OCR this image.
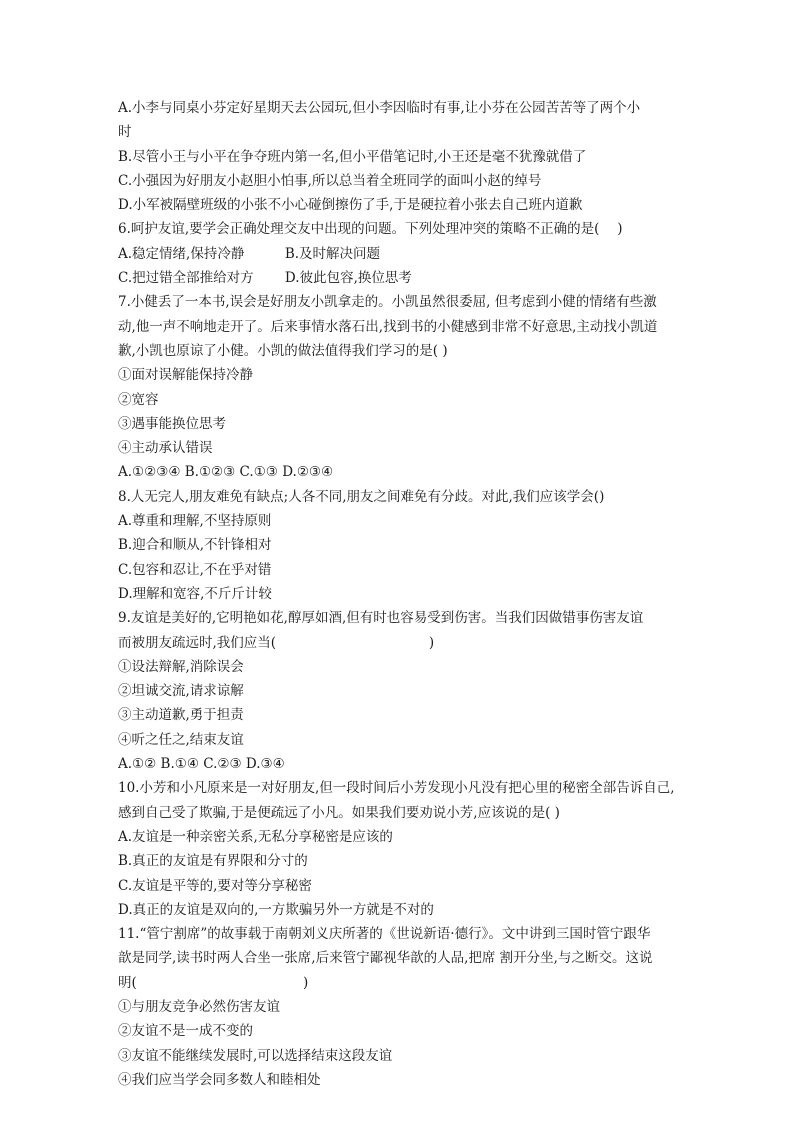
A.小李与同桌小芬定好星期天去公园玩,但小李因临时有事,让小芬在公园苦苦等了两个小
时
B.尽管小王与小平在争夺班内第一名,但小平借笔记时,小王还是毫不犹豫就借了
C.小强因为好朋友小赵胆小怕事,所以总当着全班同学的面叫小赵的绰号
D.小军被隔壁班级的小张不小心碰倒擦伤了手,于是硬拉着小张去自己班内道歉
6.呵护友谊,要学会正确处理交友中出现的问题。下列处理冲突的策略不正确的是(　 )
A.稳定情绪,保持冷静　　　B.及时解决问题
C.把过错全部推给对方　　 D.彼此包容,换位思考
7.小健丢了一本书,误会是好朋友小凯拿走的。小凯虽然很委屈, 但考虑到小健的情绪有些激
动,他一声不响地走开了。后来事情水落石出,找到书的小健感到非常不好意思,主动找小凯道
歉,小凯也原谅了小健。小凯的做法值得我们学习的是( )
①面对误解能保持冷静
②宽容
③遇事能换位思考
④主动承认错误
A.①②③④ B.①②③ C.①③ D.②③④
8.人无完人,朋友难免有缺点;人各不同,朋友之间难免有分歧。对此,我们应该学会()
A.尊重和理解,不坚持原则
B.迎合和顺从,不针锋相对
C.包容和忍让,不在乎对错
D.理解和宽容,不斤斤计较
9.友谊是美好的,它明艳如花,醇厚如酒,但有时也容易受到伤害。当我们因做错事伤害友谊
而被朋友疏远时,我们应当(　　　　　　　　　　　 )
①设法辩解,消除误会
②坦诚交流,请求谅解
③主动道歉,勇于担责
④听之任之,结束友谊
A.①② B.①④ C.②③ D.③④
10.小芳和小凡原来是一对好朋友,但一段时间后小芳发现小凡没有把心里的秘密全部告诉自己,
感到自己受了欺骗,于是便疏远了小凡。如果我们要劝说小芳,应该说的是( )
A.友谊是一种亲密关系,无私分享秘密是应该的
B.真正的友谊是有界限和分寸的
C.友谊是平等的,要对等分享秘密
D.真正的友谊是双向的,一方欺骗另外一方就是不对的
11.“管宁割席”的故事载于南朝刘义庆所著的《世说新语·德行》。文中讲到三国时管宁跟华
歆是同学,读书时两人合坐一张席,后来管宁鄙视华歆的人品,把席 割开分坐,与之断交。这说
明(　　　　　　　　　　　　 )
①与朋友竞争必然伤害友谊
②友谊不是一成不变的
③友谊不能继续发展时,可以选择结束这段友谊
④我们应当学会同多数人和睦相处
